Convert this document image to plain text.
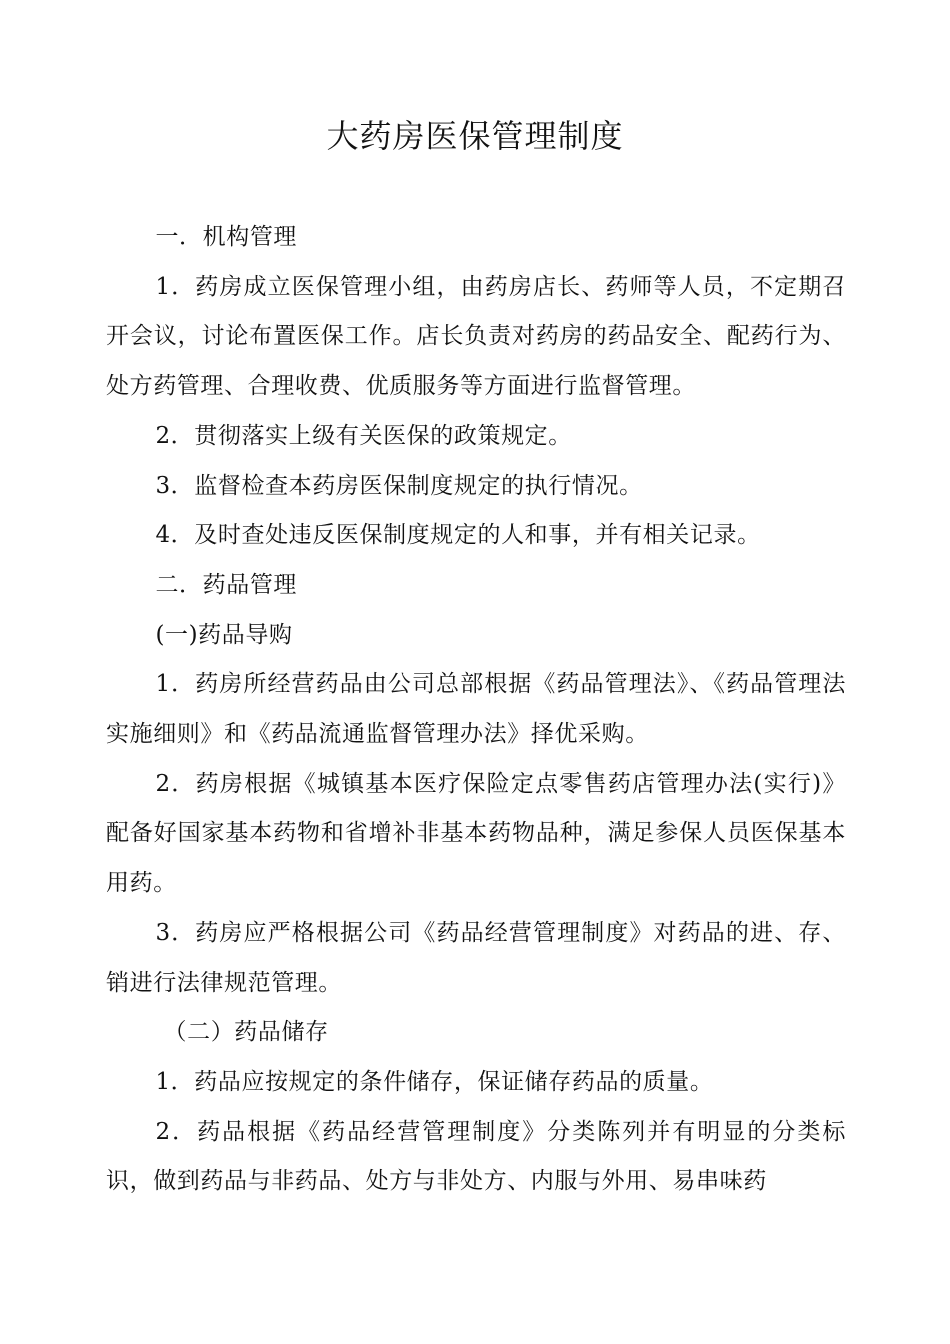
大药房医保管理制度

一．机构管理

1．药房成立医保管理小组，由药房店长、药师等人员，不定期召开会议，讨论布置医保工作。店长负责对药房的药品安全、配药行为、处方药管理、合理收费、优质服务等方面进行监督管理。

2．贯彻落实上级有关医保的政策规定。

3．监督检查本药房医保制度规定的执行情况。

4．及时查处违反医保制度规定的人和事，并有相关记录。

二．药品管理

(一)药品导购

1．药房所经营药品由公司总部根据《药品管理法》、《药品管理法实施细则》和《药品流通监督管理办法》择优采购。

2．药房根据《城镇基本医疗保险定点零售药店管理办法(实行)》配备好国家基本药物和省增补非基本药物品种，满足参保人员医保基本用药。

3．药房应严格根据公司《药品经营管理制度》对药品的进、存、销进行法律规范管理。

（二）药品储存

1．药品应按规定的条件储存，保证储存药品的质量。

2．药品根据《药品经营管理制度》分类陈列并有明显的分类标识，做到药品与非药品、处方与非处方、内服与外用、易串味药
